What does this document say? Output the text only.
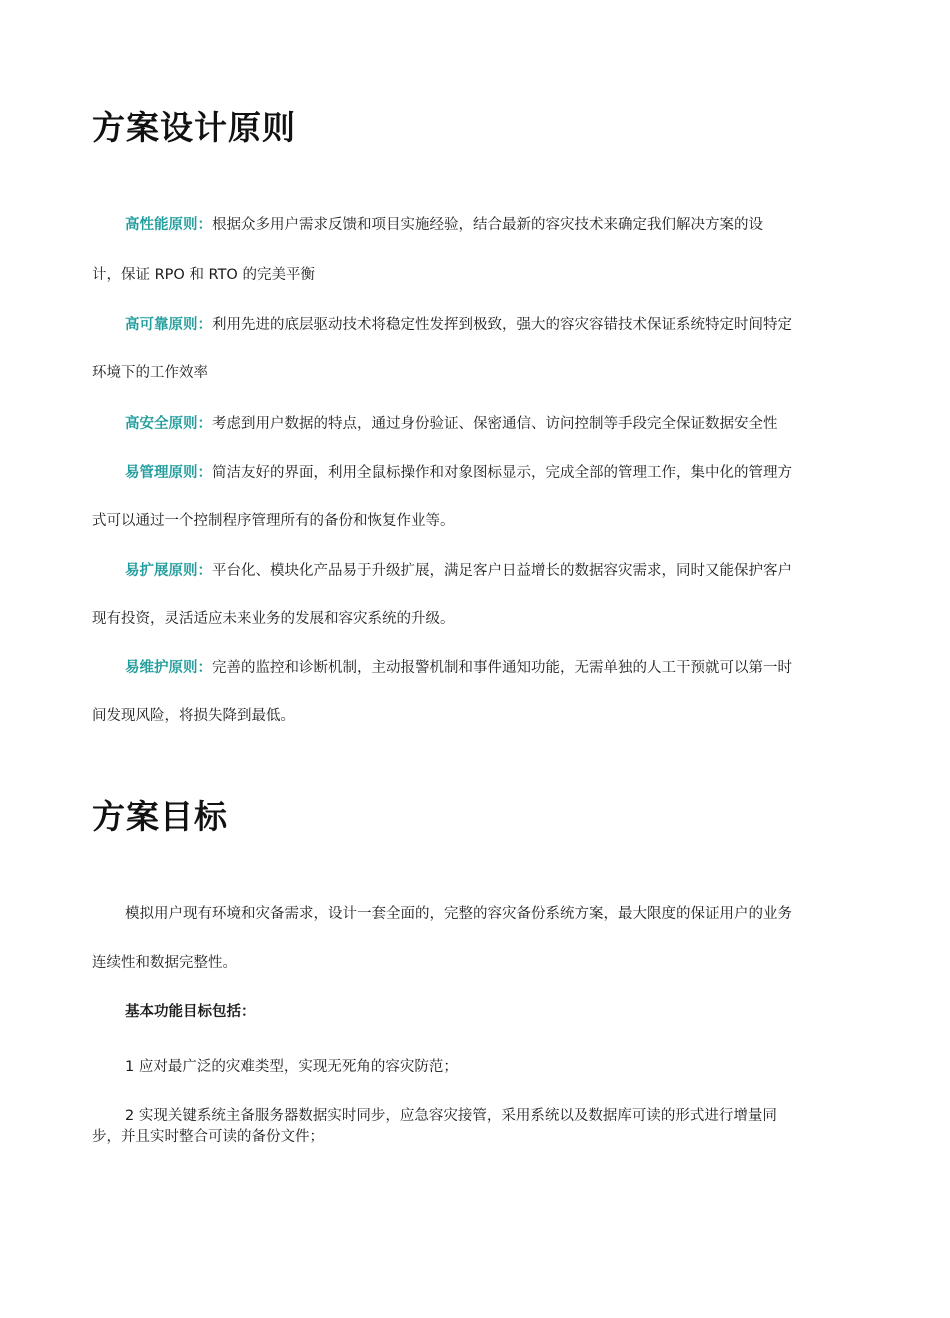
方案设计原则

高性能原则：根据众多用户需求反馈和项目实施经验，结合最新的容灾技术来确定我们解决方案的设

计，保证 RPO 和 RTO 的完美平衡

高可靠原则：利用先进的底层驱动技术将稳定性发挥到极致，强大的容灾容错技术保证系统特定时间特定

环境下的工作效率

高安全原则：考虑到用户数据的特点，通过身份验证、保密通信、访问控制等手段完全保证数据安全性

易管理原则：简洁友好的界面，利用全鼠标操作和对象图标显示，完成全部的管理工作，集中化的管理方

式可以通过一个控制程序管理所有的备份和恢复作业等。

易扩展原则：平台化、模块化产品易于升级扩展，满足客户日益增长的数据容灾需求，同时又能保护客户

现有投资，灵活适应未来业务的发展和容灾系统的升级。

易维护原则：完善的监控和诊断机制，主动报警机制和事件通知功能，无需单独的人工干预就可以第一时

间发现风险，将损失降到最低。

方案目标

模拟用户现有环境和灾备需求，设计一套全面的，完整的容灾备份系统方案，最大限度的保证用户的业务

连续性和数据完整性。

基本功能目标包括：

1 应对最广泛的灾难类型，实现无死角的容灾防范；

2 实现关键系统主备服务器数据实时同步，应急容灾接管，采用系统以及数据库可读的形式进行增量同

步，并且实时整合可读的备份文件；
